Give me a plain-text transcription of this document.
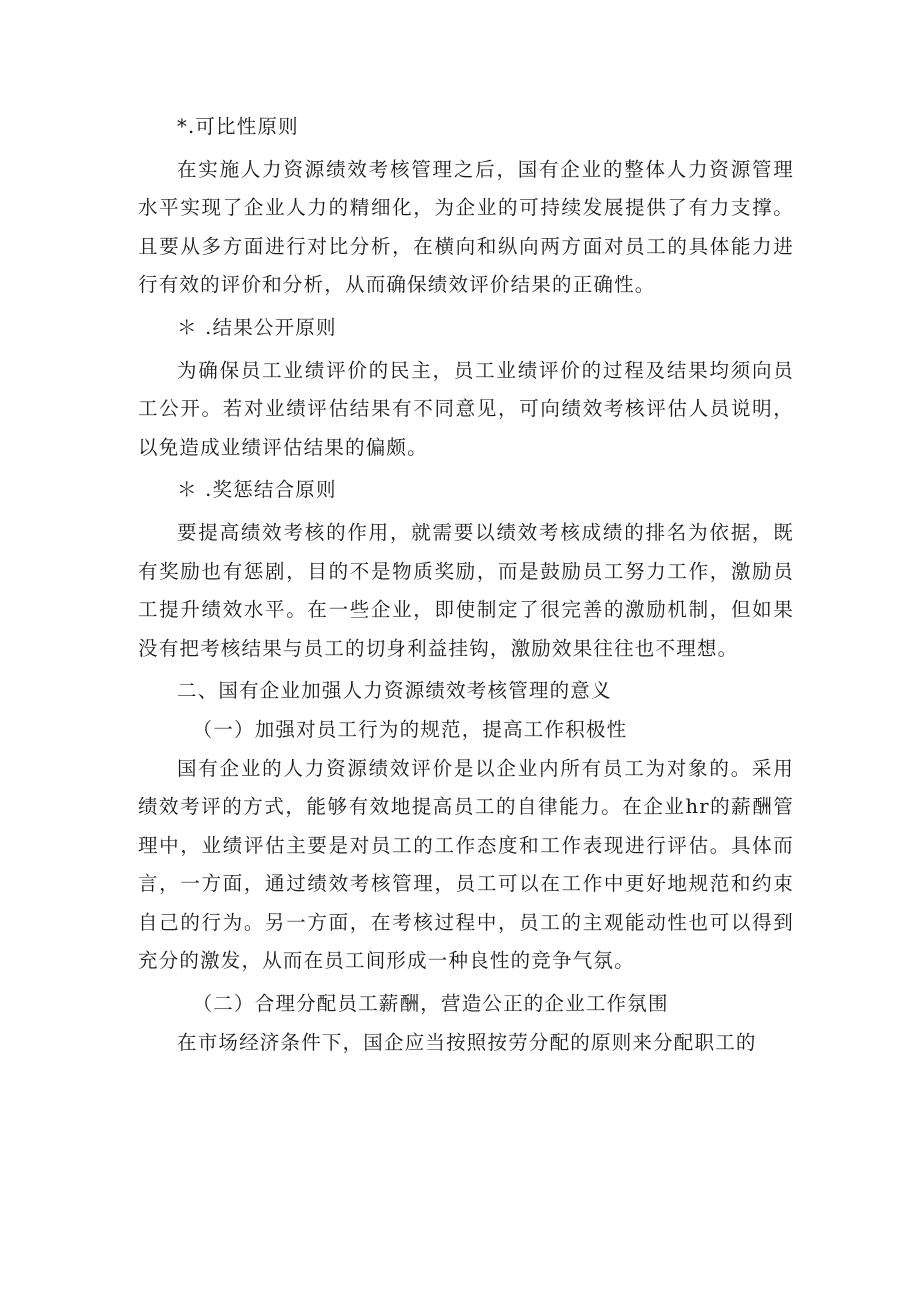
*.可比性原则

在实施人力资源绩效考核管理之后，国有企业的整体人力资源管理水平实现了企业人力的精细化，为企业的可持续发展提供了有力支撑。且要从多方面进行对比分析，在横向和纵向两方面对员工的具体能力进行有效的评价和分析，从而确保绩效评价结果的正确性。

＊ .结果公开原则

为确保员工业绩评价的民主，员工业绩评价的过程及结果均须向员工公开。若对业绩评估结果有不同意见，可向绩效考核评估人员说明，以免造成业绩评估结果的偏颇。

＊ .奖惩结合原则

要提高绩效考核的作用，就需要以绩效考核成绩的排名为依据，既有奖励也有惩剧，目的不是物质奖励，而是鼓励员工努力工作，激励员工提升绩效水平。在一些企业，即使制定了很完善的激励机制，但如果没有把考核结果与员工的切身利益挂钩，激励效果往往也不理想。

二、国有企业加强人力资源绩效考核管理的意义

（一）加强对员工行为的规范，提高工作积极性

国有企业的人力资源绩效评价是以企业内所有员工为对象的。采用绩效考评的方式，能够有效地提高员工的自律能力。在企业hr的薪酬管理中，业绩评估主要是对员工的工作态度和工作表现进行评估。具体而言，一方面，通过绩效考核管理，员工可以在工作中更好地规范和约束自己的行为。另一方面，在考核过程中，员工的主观能动性也可以得到充分的激发，从而在员工间形成一种良性的竞争气氛。

（二）合理分配员工薪酬，营造公正的企业工作氛围

在市场经济条件下，国企应当按照按劳分配的原则来分配职工的
